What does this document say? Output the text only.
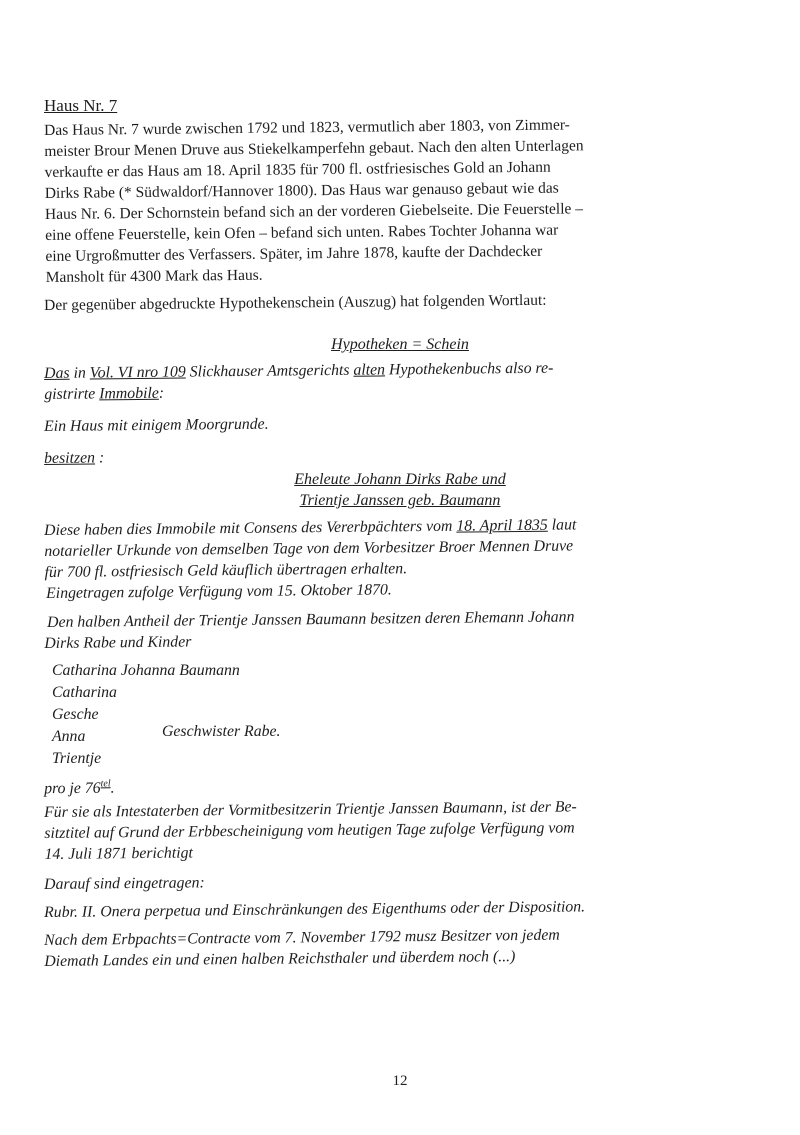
Haus Nr. 7
Das Haus Nr. 7 wurde zwischen 1792 und 1823, vermutlich aber 1803, von Zimmer-
meister Brour Menen Druve aus Stiekelkamperfehn gebaut. Nach den alten Unterlagen
verkaufte er das Haus am 18. April 1835 für 700 fl. ostfriesisches Gold an Johann
Dirks Rabe (* Südwaldorf/Hannover 1800). Das Haus war genauso gebaut wie das
Haus Nr. 6. Der Schornstein befand sich an der vorderen Giebelseite. Die Feuerstelle –
eine offene Feuerstelle, kein Ofen – befand sich unten. Rabes Tochter Johanna war
eine Urgroßmutter des Verfassers. Später, im Jahre 1878, kaufte der Dachdecker
Mansholt für 4300 Mark das Haus.
Der gegenüber abgedruckte Hypothekenschein (Auszug) hat folgenden Wortlaut:
Hypotheken = Schein
Das in Vol. VI nro 109 Slickhauser Amtsgerichts alten Hypothekenbuchs also re-
gistrirte Immobile:
Ein Haus mit einigem Moorgrunde.
besitzen :
Eheleute Johann Dirks Rabe und
Trientje Janssen geb. Baumann
Diese haben dies Immobile mit Consens des Vererbpächters vom 18. April 1835 laut
notarieller Urkunde von demselben Tage von dem Vorbesitzer Broer Mennen Druve
für 700 fl. ostfriesisch Geld käuflich übertragen erhalten.
Eingetragen zufolge Verfügung vom 15. Oktober 1870.
Den halben Antheil der Trientje Janssen Baumann besitzen deren Ehemann Johann
Dirks Rabe und Kinder
Catharina Johanna Baumann
Catharina
Gesche
Anna
Trientje
Geschwister Rabe.
pro je $76^{tel}$.
Für sie als Intestaterben der Vormitbesitzerin Trientje Janssen Baumann, ist der Be-
sitztitel auf Grund der Erbbescheinigung vom heutigen Tage zufolge Verfügung vom
14. Juli 1871 berichtigt
Darauf sind eingetragen:
Rubr. II. Onera perpetua und Einschränkungen des Eigenthums oder der Disposition.
Nach dem Erbpachts=Contracte vom 7. November 1792 musz Besitzer von jedem
Diemath Landes ein und einen halben Reichsthaler und überdem noch (...)
12
